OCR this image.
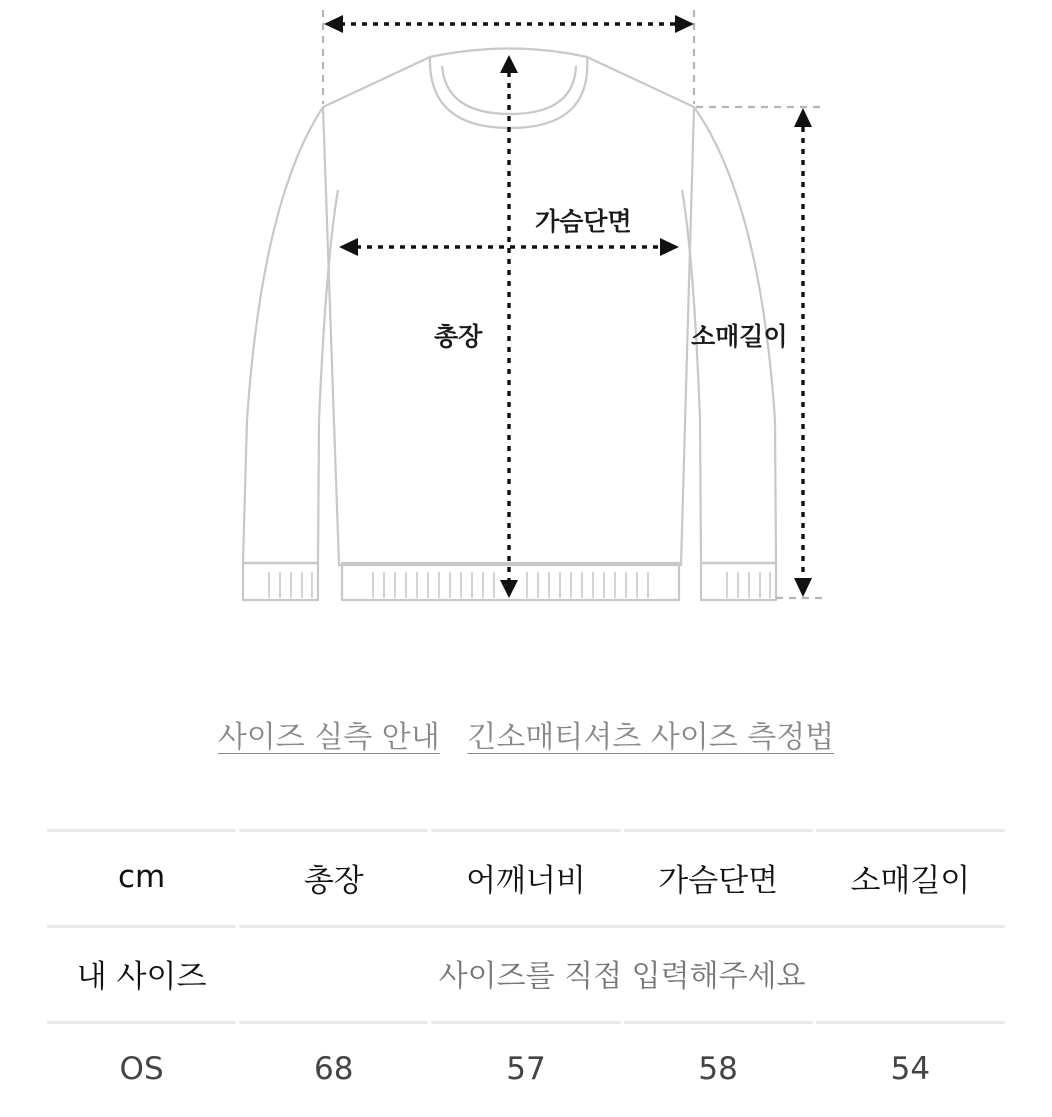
가슴단면
총장	소매길이
사이즈 실측 안내 긴소매티셔츠 사이즈 측정법
cm	총장	어깨너비	가슴단면	소매길이
내 사이즈	사이즈를 직접 입력해주세요			
OS	68	57	58	54
